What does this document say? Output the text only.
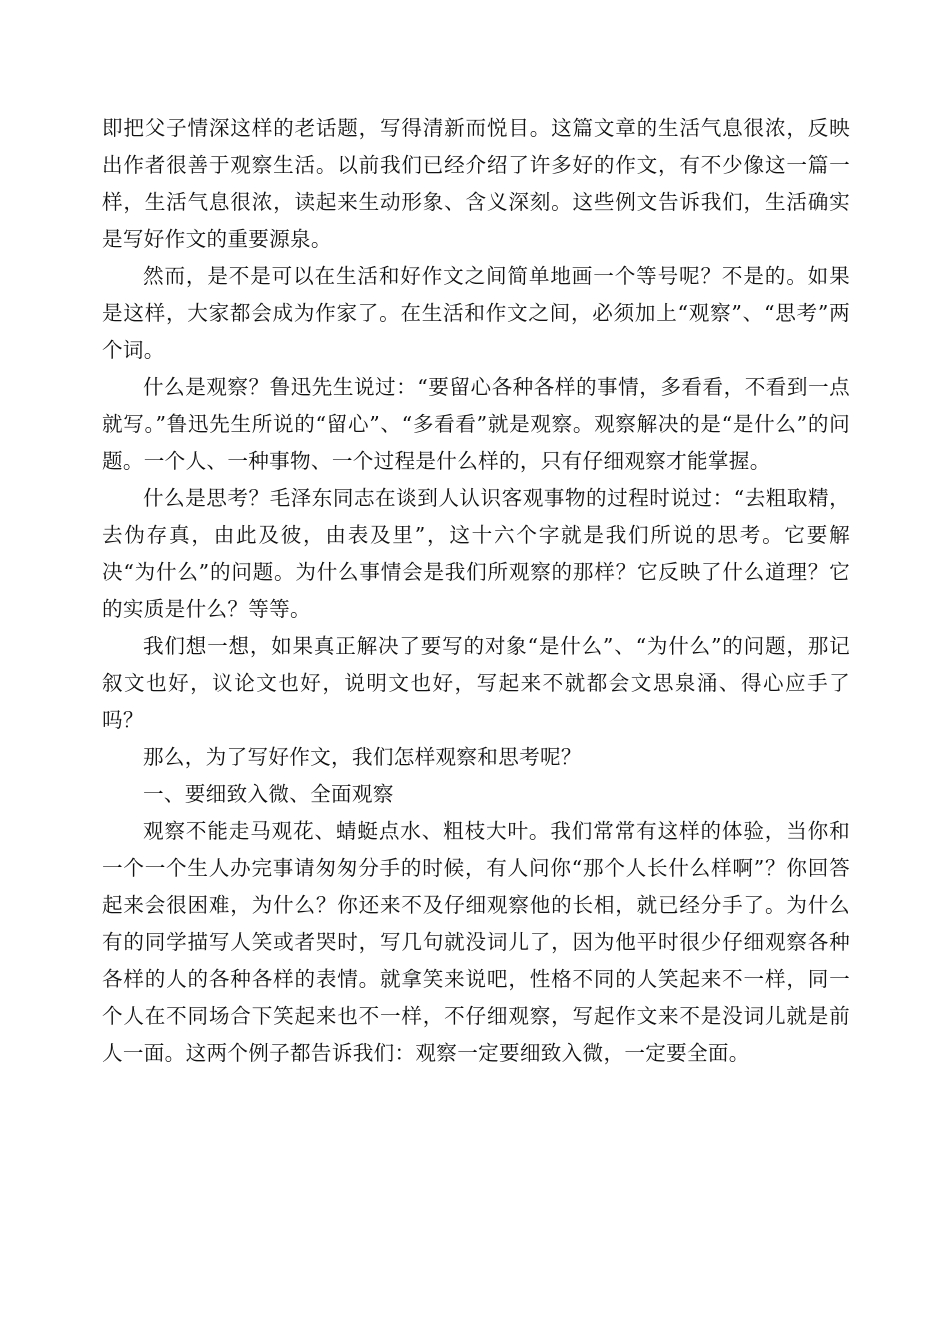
即把父子情深这样的老话题，写得清新而悦目。这篇文章的生活气息很浓，反映出作者很善于观察生活。以前我们已经介绍了许多好的作文，有不少像这一篇一样，生活气息很浓，读起来生动形象、含义深刻。这些例文告诉我们，生活确实是写好作文的重要源泉。

然而，是不是可以在生活和好作文之间简单地画一个等号呢？不是的。如果是这样，大家都会成为作家了。在生活和作文之间，必须加上“观察”、“思考”两个词。

什么是观察？鲁迅先生说过：“要留心各种各样的事情，多看看，不看到一点就写。”鲁迅先生所说的“留心”、“多看看”就是观察。观察解决的是“是什么”的问题。一个人、一种事物、一个过程是什么样的，只有仔细观察才能掌握。

什么是思考？毛泽东同志在谈到人认识客观事物的过程时说过：“去粗取精，去伪存真，由此及彼，由表及里”，这十六个字就是我们所说的思考。它要解决“为什么”的问题。为什么事情会是我们所观察的那样？它反映了什么道理？它的实质是什么？等等。

我们想一想，如果真正解决了要写的对象“是什么”、“为什么”的问题，那记叙文也好，议论文也好，说明文也好，写起来不就都会文思泉涌、得心应手了吗？

那么，为了写好作文，我们怎样观察和思考呢？

一、要细致入微、全面观察

观察不能走马观花、蜻蜓点水、粗枝大叶。我们常常有这样的体验，当你和一个一个生人办完事请匆匆分手的时候，有人问你“那个人长什么样啊”？你回答起来会很困难，为什么？你还来不及仔细观察他的长相，就已经分手了。为什么有的同学描写人笑或者哭时，写几句就没词儿了，因为他平时很少仔细观察各种各样的人的各种各样的表情。就拿笑来说吧，性格不同的人笑起来不一样，同一个人在不同场合下笑起来也不一样，不仔细观察，写起作文来不是没词儿就是前人一面。这两个例子都告诉我们：观察一定要细致入微，一定要全面。
